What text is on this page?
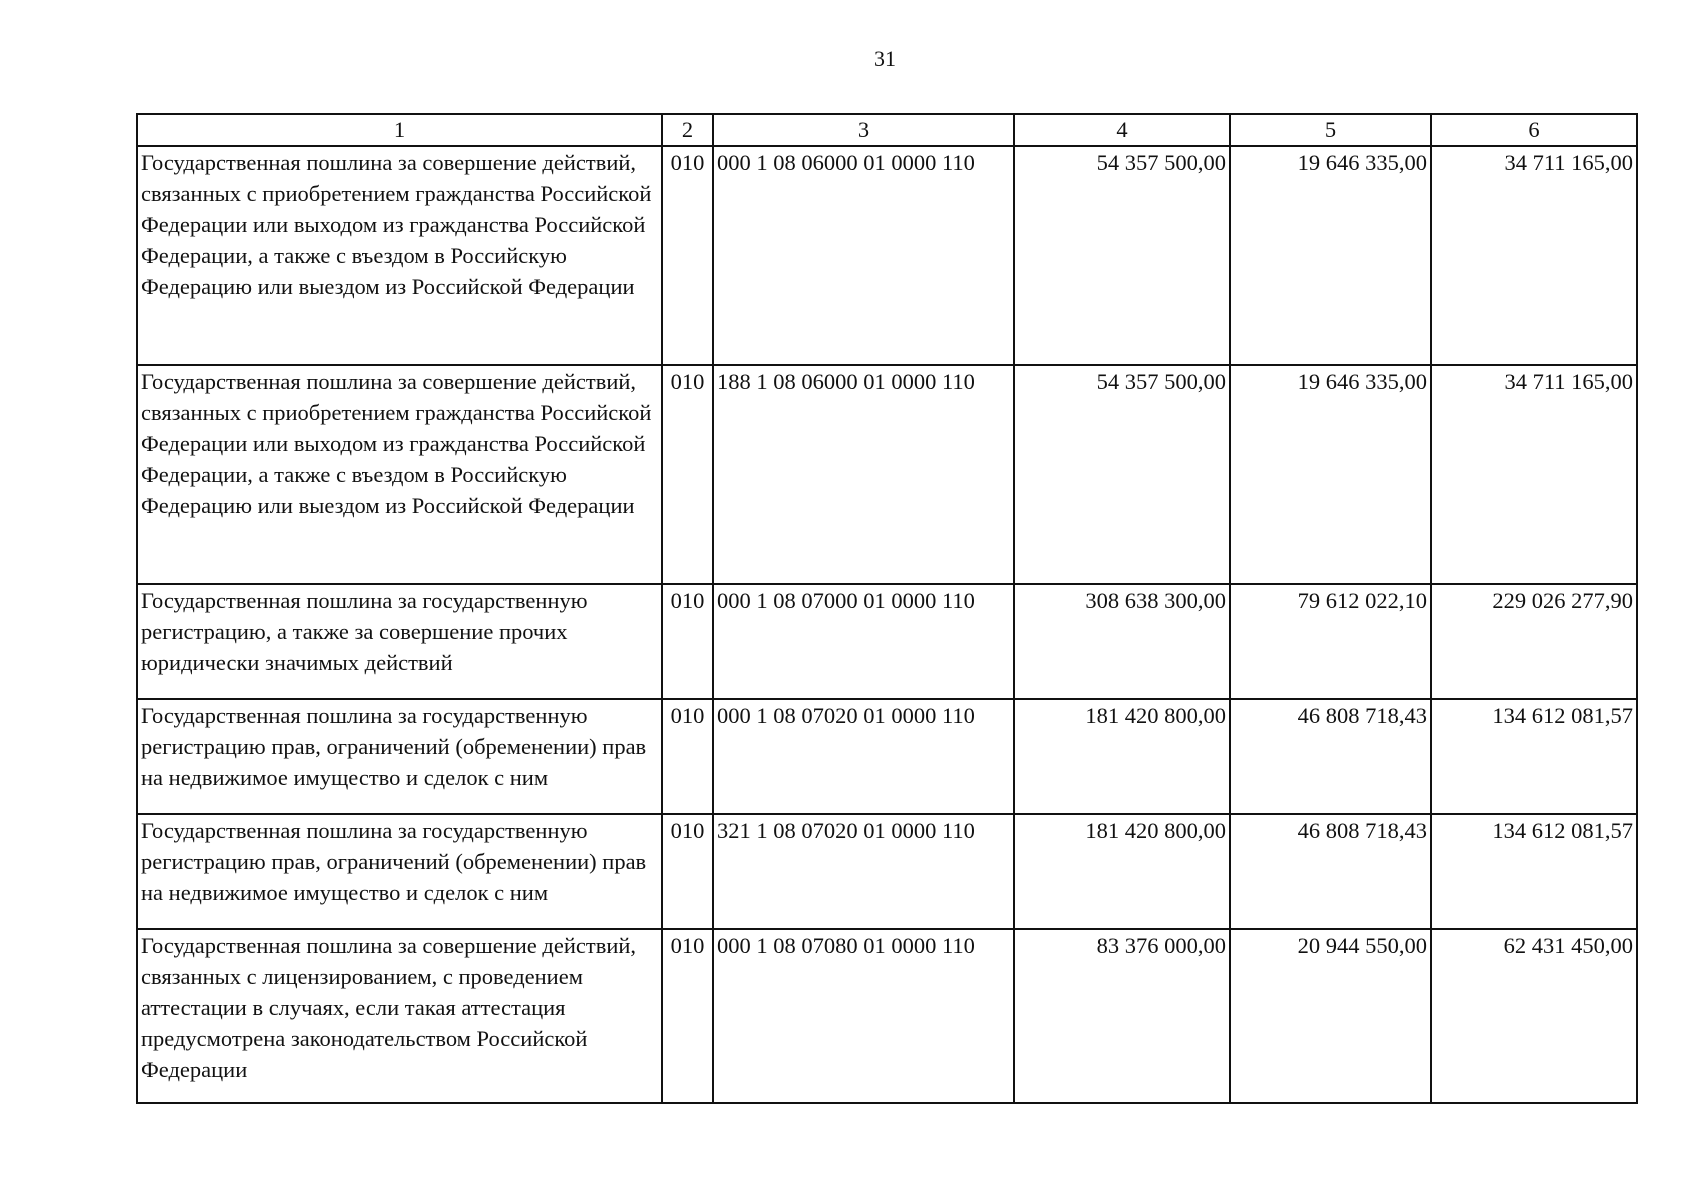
31
1	2	3	4	5	6
Государственная пошлина за совершение действий, связанных с приобретением гражданства Российской Федерации или выходом из гражданства Российской Федерации, а также с въездом в Российскую Федерацию или выездом из Российской Федерации	010	000 1 08 06000 01 0000 110	54 357 500,00	19 646 335,00	34 711 165,00
Государственная пошлина за совершение действий, связанных с приобретением гражданства Российской Федерации или выходом из гражданства Российской Федерации, а также с въездом в Российскую Федерацию или выездом из Российской Федерации	010	188 1 08 06000 01 0000 110	54 357 500,00	19 646 335,00	34 711 165,00
Государственная пошлина за государственную регистрацию, а также за совершение прочих юридически значимых действий	010	000 1 08 07000 01 0000 110	308 638 300,00	79 612 022,10	229 026 277,90
Государственная пошлина за государственную регистрацию прав, ограничений (обременении) прав на недвижимое имущество и сделок с ним	010	000 1 08 07020 01 0000 110	181 420 800,00	46 808 718,43	134 612 081,57
Государственная пошлина за государственную регистрацию прав, ограничений (обременении) прав на недвижимое имущество и сделок с ним	010	321 1 08 07020 01 0000 110	181 420 800,00	46 808 718,43	134 612 081,57
Государственная пошлина за совершение действий, связанных с лицензированием, с проведением аттестации в случаях, если такая аттестация предусмотрена законодательством Российской Федерации	010	000 1 08 07080 01 0000 110	83 376 000,00	20 944 550,00	62 431 450,00
